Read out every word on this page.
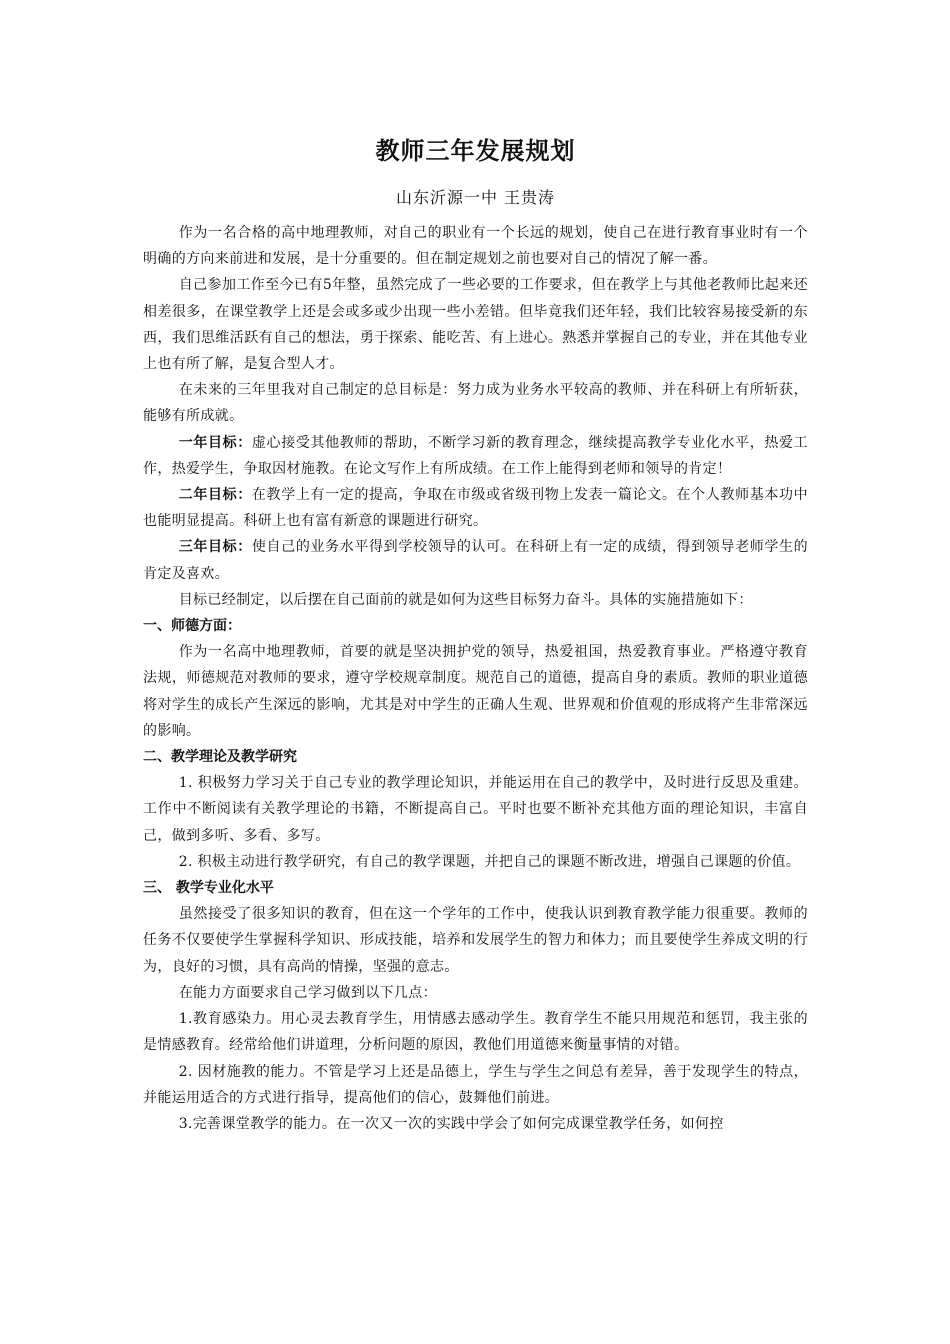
教师三年发展规划
山东沂源一中 王贵涛

作为一名合格的高中地理教师，对自己的职业有一个长远的规划，使自己在进行教育事业时有一个明确的方向来前进和发展，是十分重要的。但在制定规划之前也要对自己的情况了解一番。

自己参加工作至今已有5年整，虽然完成了一些必要的工作要求，但在教学上与其他老教师比起来还相差很多，在课堂教学上还是会或多或少出现一些小差错。但毕竟我们还年轻，我们比较容易接受新的东西，我们思维活跃有自己的想法，勇于探索、能吃苦、有上进心。熟悉并掌握自己的专业，并在其他专业上也有所了解，是复合型人才。

在未来的三年里我对自己制定的总目标是：努力成为业务水平较高的教师、并在科研上有所斩获，能够有所成就。

一年目标：虚心接受其他教师的帮助，不断学习新的教育理念，继续提高教学专业化水平，热爱工作，热爱学生，争取因材施教。在论文写作上有所成绩。在工作上能得到老师和领导的肯定！

二年目标：在教学上有一定的提高，争取在市级或省级刊物上发表一篇论文。在个人教师基本功中也能明显提高。科研上也有富有新意的课题进行研究。

三年目标：使自己的业务水平得到学校领导的认可。在科研上有一定的成绩，得到领导老师学生的肯定及喜欢。

目标已经制定，以后摆在自己面前的就是如何为这些目标努力奋斗。具体的实施措施如下：

一、师德方面：

作为一名高中地理教师，首要的就是坚决拥护党的领导，热爱祖国，热爱教育事业。严格遵守教育法规，师德规范对教师的要求，遵守学校规章制度。规范自己的道德，提高自身的素质。教师的职业道德将对学生的成长产生深远的影响，尤其是对中学生的正确人生观、世界观和价值观的形成将产生非常深远的影响。

二、教学理论及教学研究

1. 积极努力学习关于自己专业的教学理论知识，并能运用在自己的教学中，及时进行反思及重建。工作中不断阅读有关教学理论的书籍，不断提高自己。平时也要不断补充其他方面的理论知识，丰富自己，做到多听、多看、多写。

2. 积极主动进行教学研究，有自己的教学课题，并把自己的课题不断改进，增强自己课题的价值。

三、 教学专业化水平

虽然接受了很多知识的教育，但在这一个学年的工作中，使我认识到教育教学能力很重要。教师的任务不仅要使学生掌握科学知识、形成技能，培养和发展学生的智力和体力；而且要使学生养成文明的行为，良好的习惯，具有高尚的情操，坚强的意志。

在能力方面要求自己学习做到以下几点：

1.教育感染力。用心灵去教育学生，用情感去感动学生。教育学生不能只用规范和惩罚，我主张的是情感教育。经常给他们讲道理，分析问题的原因，教他们用道德来衡量事情的对错。

2. 因材施教的能力。不管是学习上还是品德上，学生与学生之间总有差异，善于发现学生的特点，并能运用适合的方式进行指导，提高他们的信心，鼓舞他们前进。

3.完善课堂教学的能力。在一次又一次的实践中学会了如何完成课堂教学任务，如何控
